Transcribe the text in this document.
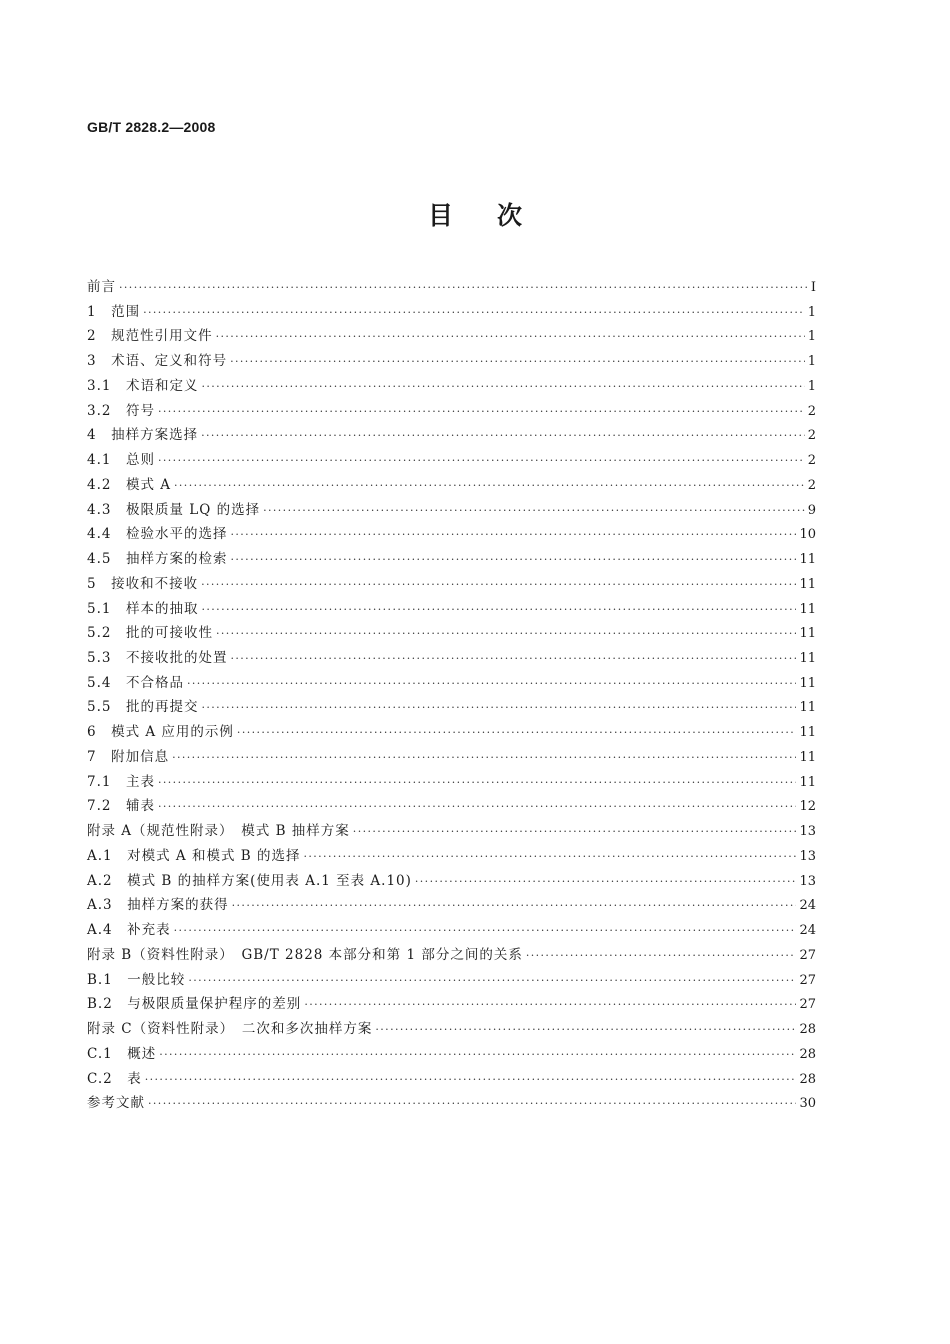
GB/T 2828.2—2008
目次
前言 ·····	I
1　范围 ·····	1
2　规范性引用文件 ·····	1
3　术语、定义和符号 ·····	1
3.1　术语和定义 ·····	1
3.2　符号 ·····	2
4　抽样方案选择 ·····	2
4.1　总则 ·····	2
4.2　模式 A ·····	2
4.3　极限质量 LQ 的选择 ·····	9
4.4　检验水平的选择 ·····	10
4.5　抽样方案的检索 ·····	11
5　接收和不接收 ·····	11
5.1　样本的抽取 ·····	11
5.2　批的可接收性 ·····	11
5.3　不接收批的处置 ·····	11
5.4　不合格品 ·····	11
5.5　批的再提交 ·····	11
6　模式 A 应用的示例 ·····	11
7　附加信息 ·····	11
7.1　主表 ·····	11
7.2　辅表 ·····	12
附录 A（规范性附录）　模式 B 抽样方案 ·····	13
A.1　对模式 A 和模式 B 的选择 ·····	13
A.2　模式 B 的抽样方案(使用表 A.1 至表 A.10) ·····	13
A.3　抽样方案的获得 ·····	24
A.4　补充表 ·····	24
附录 B（资料性附录）　GB/T 2828 本部分和第 1 部分之间的关系 ·····	27
B.1　一般比较 ·····	27
B.2　与极限质量保护程序的差别 ·····	27
附录 C（资料性附录）　二次和多次抽样方案 ·····	28
C.1　概述 ·····	28
C.2　表 ·····	28
参考文献 ·····	30
